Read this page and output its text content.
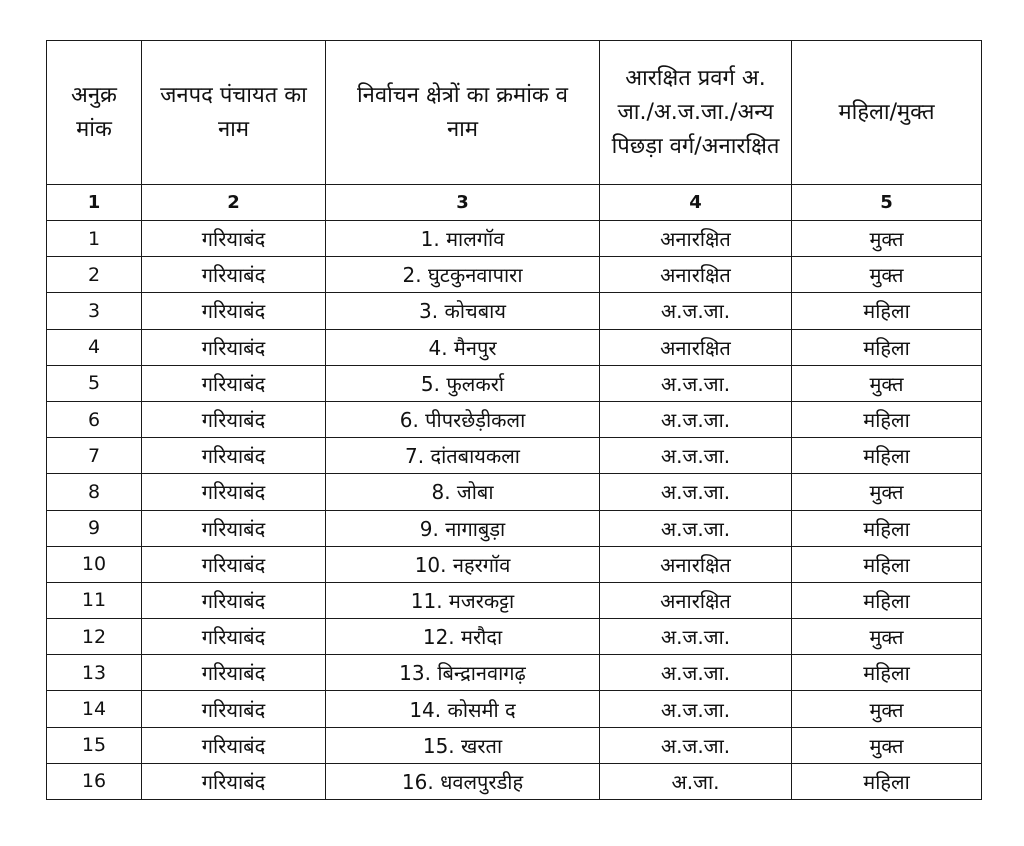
अनुक्रमांक	जनपद पंचायत का नाम	निर्वाचन क्षेत्रों का क्रमांक व नाम	आरक्षित प्रवर्ग अ.जा./अ.ज.जा./अन्य पिछड़ा वर्ग/अनारक्षित	महिला/मुक्त

1	2	3	4	5
1	गरियाबंद	1. मालगॉव	अनारक्षित	मुक्त
2	गरियाबंद	2. घुटकुनवापारा	अनारक्षित	मुक्त
3	गरियाबंद	3. कोचबाय	अ.ज.जा.	महिला
4	गरियाबंद	4. मैनपुर	अनारक्षित	महिला
5	गरियाबंद	5. फुलकर्रा	अ.ज.जा.	मुक्त
6	गरियाबंद	6. पीपरछेड़ीकला	अ.ज.जा.	महिला
7	गरियाबंद	7. दांतबायकला	अ.ज.जा.	महिला
8	गरियाबंद	8. जोबा	अ.ज.जा.	मुक्त
9	गरियाबंद	9. नागाबुड़ा	अ.ज.जा.	महिला
10	गरियाबंद	10. नहरगॉव	अनारक्षित	महिला
11	गरियाबंद	11. मजरकट्टा	अनारक्षित	महिला
12	गरियाबंद	12. मरौदा	अ.ज.जा.	मुक्त
13	गरियाबंद	13. बिन्द्रानवागढ़	अ.ज.जा.	महिला
14	गरियाबंद	14. कोसमी द	अ.ज.जा.	मुक्त
15	गरियाबंद	15. खरता	अ.ज.जा.	मुक्त
16	गरियाबंद	16. धवलपुरडीह	अ.जा.	महिला
